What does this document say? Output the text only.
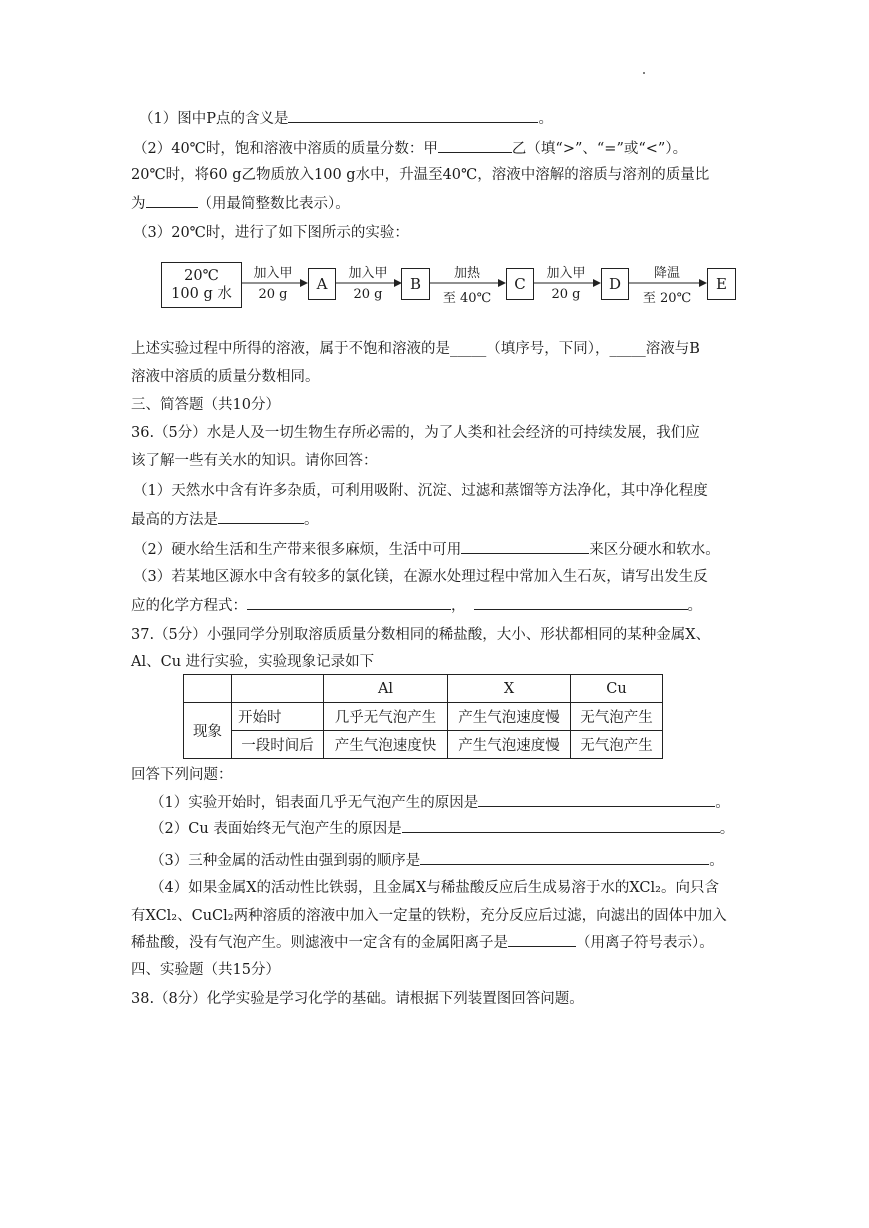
（1）图中P点的含义是	。
（2）40℃时，饱和溶液中溶质的质量分数：甲	乙（填“>”、“=”或“<”）。
20℃时，将60 g乙物质放入100 g水中，升温至40℃，溶液中溶解的溶质与溶剂的质量比
为	（用最简整数比表示）。
（3）20℃时，进行了如下图所示的实验：
20℃
100 g 水
加入甲
20 g
A
加入甲
20 g
B
加热
至 40℃
C
加入甲
20 g
D
降温
至 20℃
E
上述实验过程中所得的溶液，属于不饱和溶液的是_____（填序号，下同），_____溶液与B
溶液中溶质的质量分数相同。
三、简答题（共10分）
36.（5分）水是人及一切生物生存所必需的，为了人类和社会经济的可持续发展，我们应
该了解一些有关水的知识。请你回答：
（1）天然水中含有许多杂质，可利用吸附、沉淀、过滤和蒸馏等方法净化，其中净化程度
最高的方法是	。
（2）硬水给生活和生产带来很多麻烦，生活中可用	来区分硬水和软水。
（3）若某地区源水中含有较多的氯化镁，在源水处理过程中常加入生石灰，请写出发生反
应的化学方程式：	，	。
37.（5分）小强同学分别取溶质质量分数相同的稀盐酸，大小、形状都相同的某种金属X、
Al、Cu 进行实验，实验现象记录如下
		Al	X	Cu
现象	开始时	几乎无气泡产生	产生气泡速度慢	无气泡产生
	一段时间后	产生气泡速度快	产生气泡速度慢	无气泡产生
回答下列问题：
（1）实验开始时，铝表面几乎无气泡产生的原因是	。
（2）Cu 表面始终无气泡产生的原因是	。
（3）三种金属的活动性由强到弱的顺序是	。
（4）如果金属X的活动性比铁弱，且金属X与稀盐酸反应后生成易溶于水的XCl₂。向只含
有XCl₂、CuCl₂两种溶质的溶液中加入一定量的铁粉，充分反应后过滤，向滤出的固体中加入
稀盐酸，没有气泡产生。则滤液中一定含有的金属阳离子是	（用离子符号表示）。
四、实验题（共15分）
38.（8分）化学实验是学习化学的基础。请根据下列装置图回答问题。
